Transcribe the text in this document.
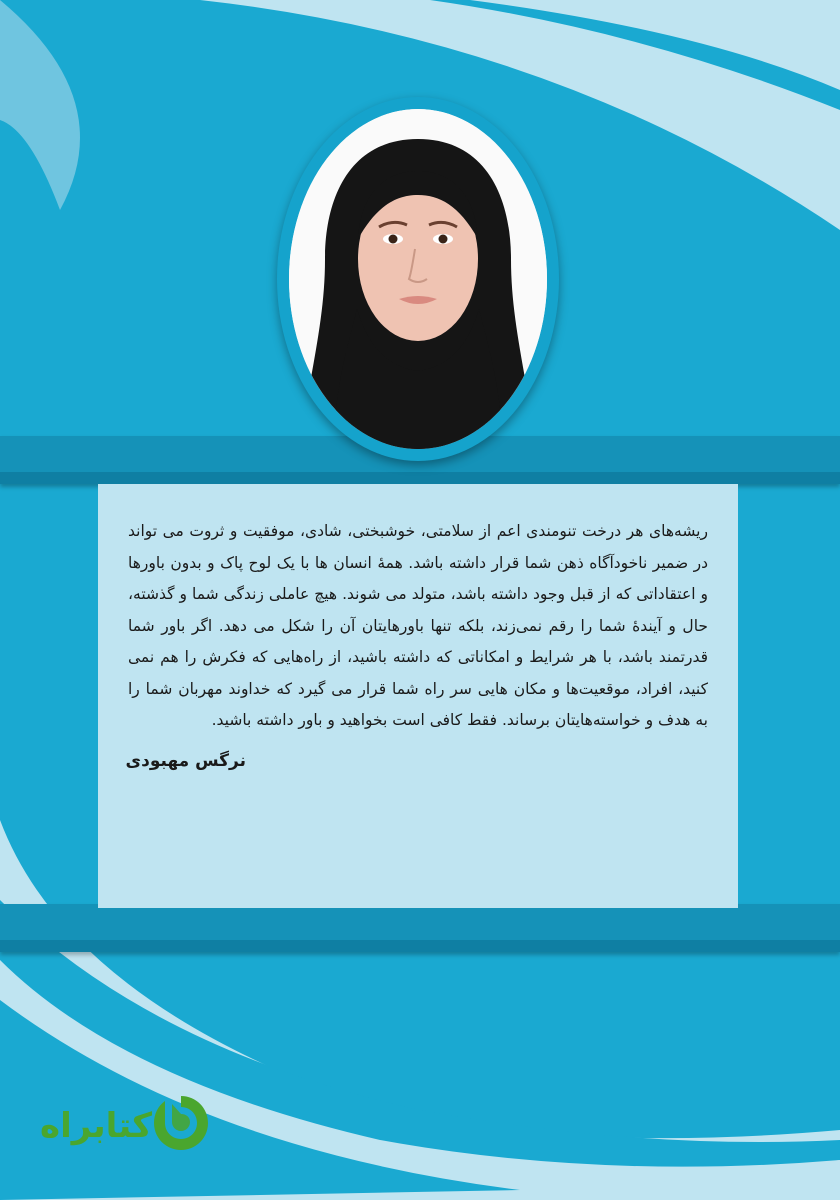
ریشه‌های هر درخت تنومندی اعم از سلامتی، خوشبختی، شادی، موفقیت و ثروت می تواند در ضمیر ناخودآگاه ذهن شما قرار داشته باشد. همهٔ انسان ها با یک لوح پاک و بدون باورها و اعتقاداتی که از قبل وجود داشته باشد، متولد می شوند. هیچ عاملی زندگی شما و گذشته، حال و آیندهٔ شما را رقم نمی‌زند، بلکه تنها باورهایتان آن را شکل می دهد. اگر باور شما قدرتمند باشد، با هر شرایط و امکاناتی که داشته باشید، از راه‌هایی که فکرش را هم نمی کنید، افراد، موقعیت‌ها و مکان هایی سر راه شما قرار می گیرد که خداوند مهربان شما را به هدف و خواسته‌هایتان برساند. فقط کافی است بخواهید و باور داشته باشید.

نرگس مهبودی
کتابراه
